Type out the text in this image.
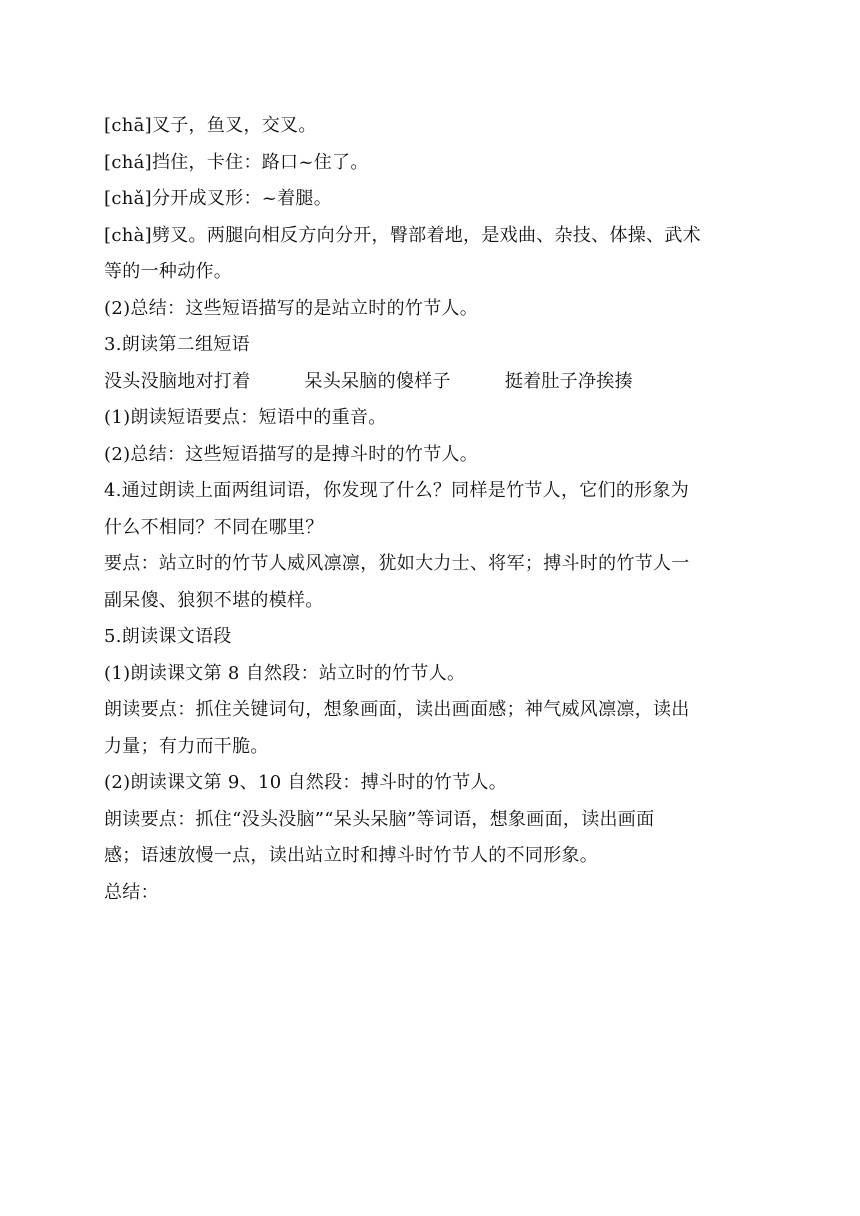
[chā]叉子，鱼叉，交叉。
[chá]挡住，卡住：路口~住了。
[chǎ]分开成叉形：~着腿。
[chà]劈叉。两腿向相反方向分开，臀部着地，是戏曲、杂技、体操、武术
等的一种动作。
(2)总结：这些短语描写的是站立时的竹节人。
3.朗读第二组短语
没头没脑地对打着	呆头呆脑的傻样子	挺着肚子净挨揍
(1)朗读短语要点：短语中的重音。
(2)总结：这些短语描写的是搏斗时的竹节人。
4.通过朗读上面两组词语，你发现了什么？同样是竹节人，它们的形象为
什么不相同？不同在哪里？
要点：站立时的竹节人威风凛凛，犹如大力士、将军；搏斗时的竹节人一
副呆傻、狼狈不堪的模样。
5.朗读课文语段
(1)朗读课文第 8 自然段：站立时的竹节人。
朗读要点：抓住关键词句，想象画面，读出画面感；神气威风凛凛，读出
力量；有力而干脆。
(2)朗读课文第 9、10 自然段：搏斗时的竹节人。
朗读要点：抓住“没头没脑”“呆头呆脑”等词语，想象画面，读出画面
感；语速放慢一点，读出站立时和搏斗时竹节人的不同形象。
总结：
